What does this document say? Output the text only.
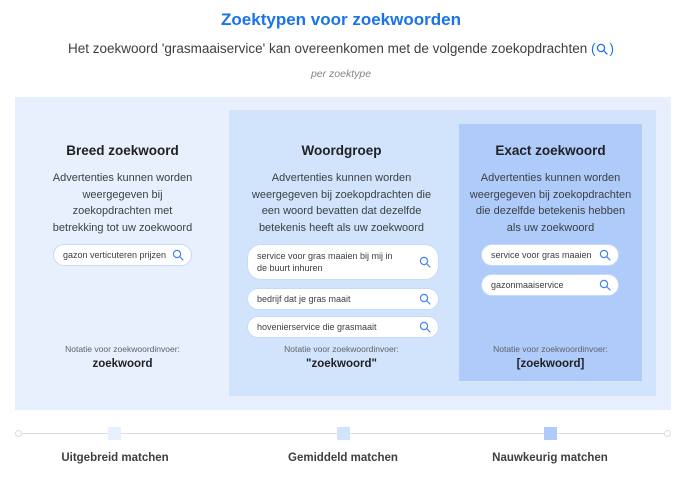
Zoektypen voor zoekwoorden
Het zoekwoord 'grasmaaiservice' kan overeenkomen met de volgende zoekopdrachten ( )
per zoektype
Breed zoekwoord
Advertenties kunnen worden
weergegeven bij
zoekopdrachten met
betrekking tot uw zoekwoord
gazon verticuteren prijzen
Notatie voor zoekwoordinvoer:
zoekwoord
Woordgroep
Advertenties kunnen worden
weergegeven bij zoekopdrachten die
een woord bevatten dat dezelfde
betekenis heeft als uw zoekwoord
service voor gras maaien bij mij in
de buurt inhuren
bedrijf dat je gras maait
hovenierservice die grasmaait
Notatie voor zoekwoordinvoer:
"zoekwoord"
Exact zoekwoord
Advertenties kunnen worden
weergegeven bij zoekopdrachten
die dezelfde betekenis hebben
als uw zoekwoord
service voor gras maaien
gazonmaaiservice
Notatie voor zoekwoordinvoer:
[zoekwoord]
Uitgebreid matchen	Gemiddeld matchen	Nauwkeurig matchen
